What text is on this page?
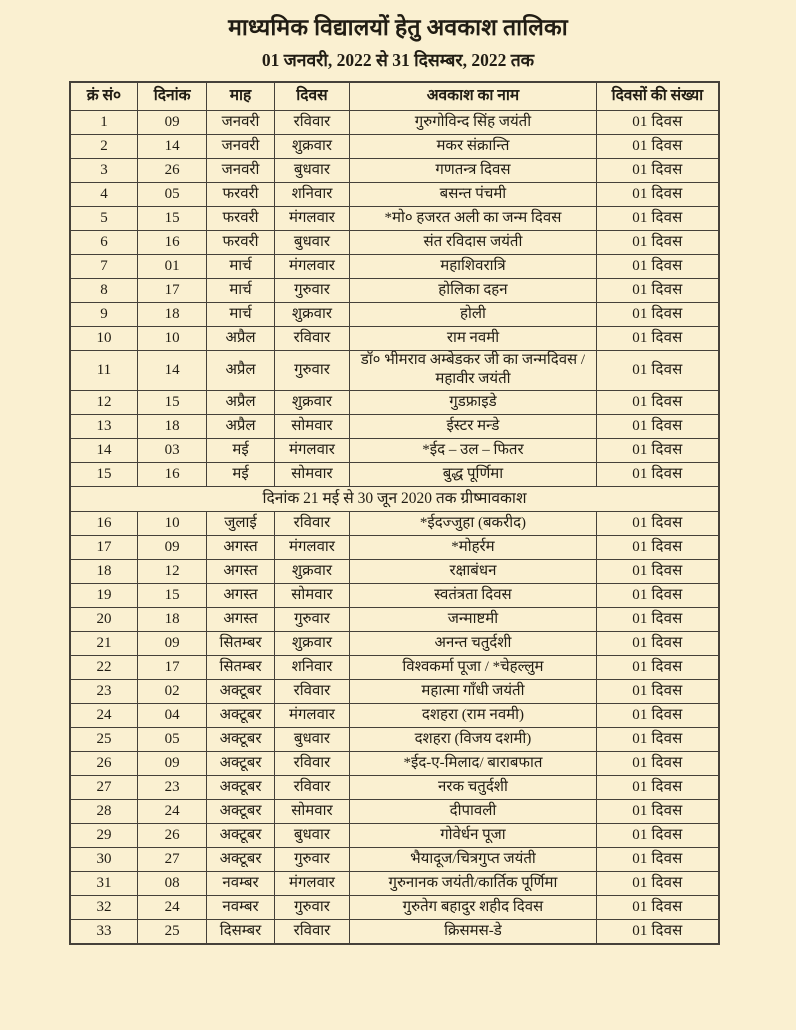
माध्यमिक विद्यालयों हेतु अवकाश तालिका
01 जनवरी, 2022 से 31 दिसम्बर, 2022 तक
क्रं सं०	दिनांक	माह	दिवस	अवकाश का नाम	दिवसों की संख्या
1	09	जनवरी	रविवार	गुरुगोविन्द सिंह जयंती	01 दिवस
2	14	जनवरी	शुक्रवार	मकर संक्रान्ति	01 दिवस
3	26	जनवरी	बुधवार	गणतन्त्र दिवस	01 दिवस
4	05	फरवरी	शनिवार	बसन्त पंचमी	01 दिवस
5	15	फरवरी	मंगलवार	*मो० हजरत अली का जन्म दिवस	01 दिवस
6	16	फरवरी	बुधवार	संत रविदास जयंती	01 दिवस
7	01	मार्च	मंगलवार	महाशिवरात्रि	01 दिवस
8	17	मार्च	गुरुवार	होलिका दहन	01 दिवस
9	18	मार्च	शुक्रवार	होली	01 दिवस
10	10	अप्रैल	रविवार	राम नवमी	01 दिवस
11	14	अप्रैल	गुरुवार	डॉ० भीमराव अम्बेडकर जी का जन्मदिवस / महावीर जयंती	01 दिवस
12	15	अप्रैल	शुक्रवार	गुडफ्राइडे	01 दिवस
13	18	अप्रैल	सोमवार	ईस्टर मन्डे	01 दिवस
14	03	मई	मंगलवार	*ईद – उल – फितर	01 दिवस
15	16	मई	सोमवार	बुद्ध पूर्णिमा	01 दिवस
दिनांक 21 मई से 30 जून 2020 तक ग्रीष्मावकाश					
16	10	जुलाई	रविवार	*ईदज्जुहा (बकरीद)	01 दिवस
17	09	अगस्त	मंगलवार	*मोहर्रम	01 दिवस
18	12	अगस्त	शुक्रवार	रक्षाबंधन	01 दिवस
19	15	अगस्त	सोमवार	स्वतंत्रता दिवस	01 दिवस
20	18	अगस्त	गुरुवार	जन्माष्टमी	01 दिवस
21	09	सितम्बर	शुक्रवार	अनन्त चतुर्दशी	01 दिवस
22	17	सितम्बर	शनिवार	विश्वकर्मा पूजा / *चेहल्लुम	01 दिवस
23	02	अक्टूबर	रविवार	महात्मा गाँधी जयंती	01 दिवस
24	04	अक्टूबर	मंगलवार	दशहरा (राम नवमी)	01 दिवस
25	05	अक्टूबर	बुधवार	दशहरा (विजय दशमी)	01 दिवस
26	09	अक्टूबर	रविवार	*ईद-ए-मिलाद/ बाराबफात	01 दिवस
27	23	अक्टूबर	रविवार	नरक चतुर्दशी	01 दिवस
28	24	अक्टूबर	सोमवार	दीपावली	01 दिवस
29	26	अक्टूबर	बुधवार	गोवेर्धन पूजा	01 दिवस
30	27	अक्टूबर	गुरुवार	भैयादूज/चित्रगुप्त जयंती	01 दिवस
31	08	नवम्बर	मंगलवार	गुरुनानक जयंती/कार्तिक पूर्णिमा	01 दिवस
32	24	नवम्बर	गुरुवार	गुरुतेग बहादुर शहीद दिवस	01 दिवस
33	25	दिसम्बर	रविवार	क्रिसमस-डे	01 दिवस
